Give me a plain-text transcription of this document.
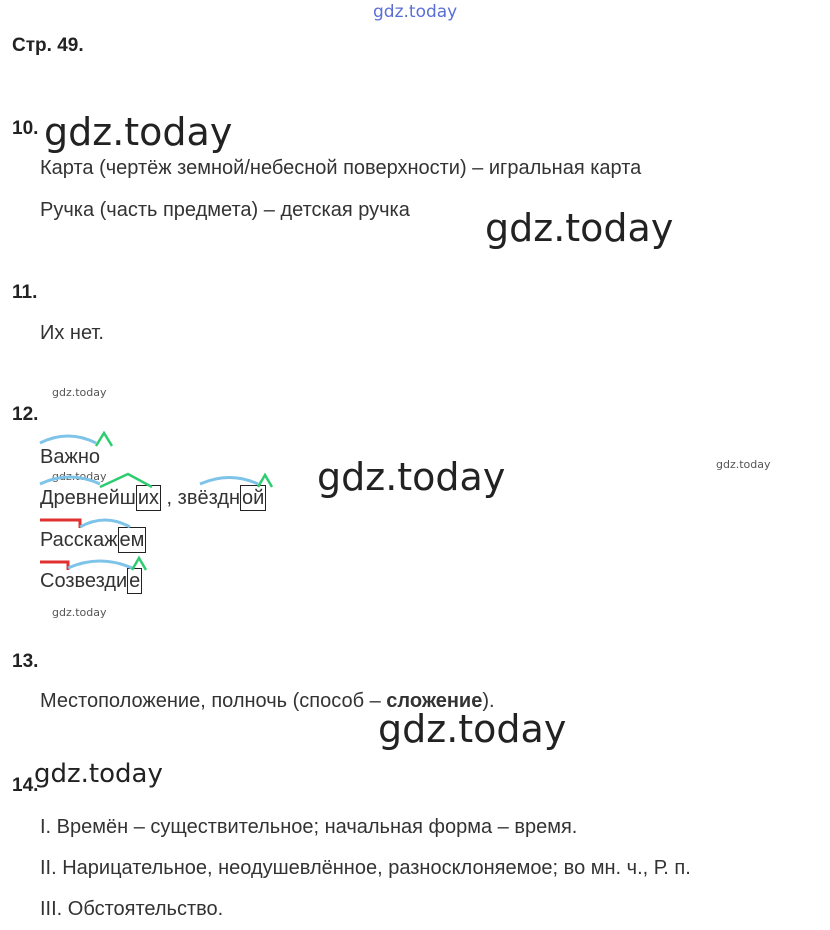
gdz.today
Стр. 49.
10. gdz.today
Карта (чертёж земной/небесной поверхности) – игральная карта
Ручка (часть предмета) – детская ручка gdz.today
11.
Их нет.
gdz.today
12.
Важно
gdz.today
Древнейш их , звёздн ой gdz.today	gdz.today
Расскаж ем
Созвезди е
gdz.today
13.
Местоположение, полночь (способ – сложение).
gdz.today
14.
gdz.today
I. Времён – существительное; начальная форма – время.
II. Нарицательное, неодушевлённое, разносклоняемое; во мн. ч., Р. п.
III. Обстоятельство.
